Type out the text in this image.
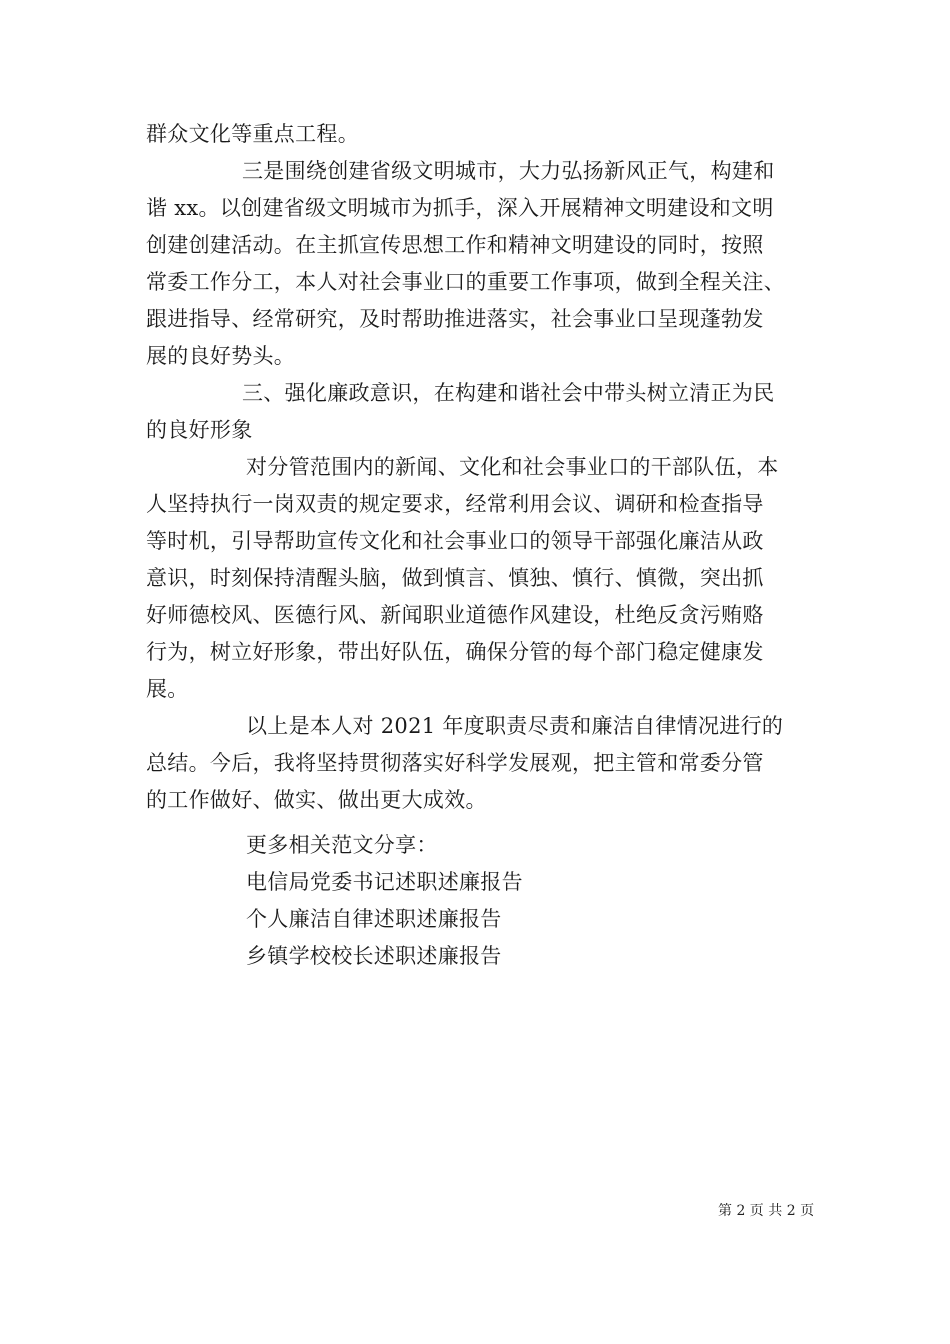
群众文化等重点工程。
三是围绕创建省级文明城市，大力弘扬新风正气，构建和
谐 xx。以创建省级文明城市为抓手，深入开展精神文明建设和文明
创建创建活动。在主抓宣传思想工作和精神文明建设的同时，按照
常委工作分工，本人对社会事业口的重要工作事项，做到全程关注、
跟进指导、经常研究，及时帮助推进落实，社会事业口呈现蓬勃发
展的良好势头。
三、强化廉政意识，在构建和谐社会中带头树立清正为民
的良好形象
对分管范围内的新闻、文化和社会事业口的干部队伍，本
人坚持执行一岗双责的规定要求，经常利用会议、调研和检查指导
等时机，引导帮助宣传文化和社会事业口的领导干部强化廉洁从政
意识，时刻保持清醒头脑，做到慎言、慎独、慎行、慎微，突出抓
好师德校风、医德行风、新闻职业道德作风建设，杜绝反贪污贿赂
行为，树立好形象，带出好队伍，确保分管的每个部门稳定健康发
展。
以上是本人对 2021 年度职责尽责和廉洁自律情况进行的
总结。今后，我将坚持贯彻落实好科学发展观，把主管和常委分管
的工作做好、做实、做出更大成效。
更多相关范文分享：
电信局党委书记述职述廉报告
个人廉洁自律述职述廉报告
乡镇学校校长述职述廉报告
第 2 页 共 2 页
